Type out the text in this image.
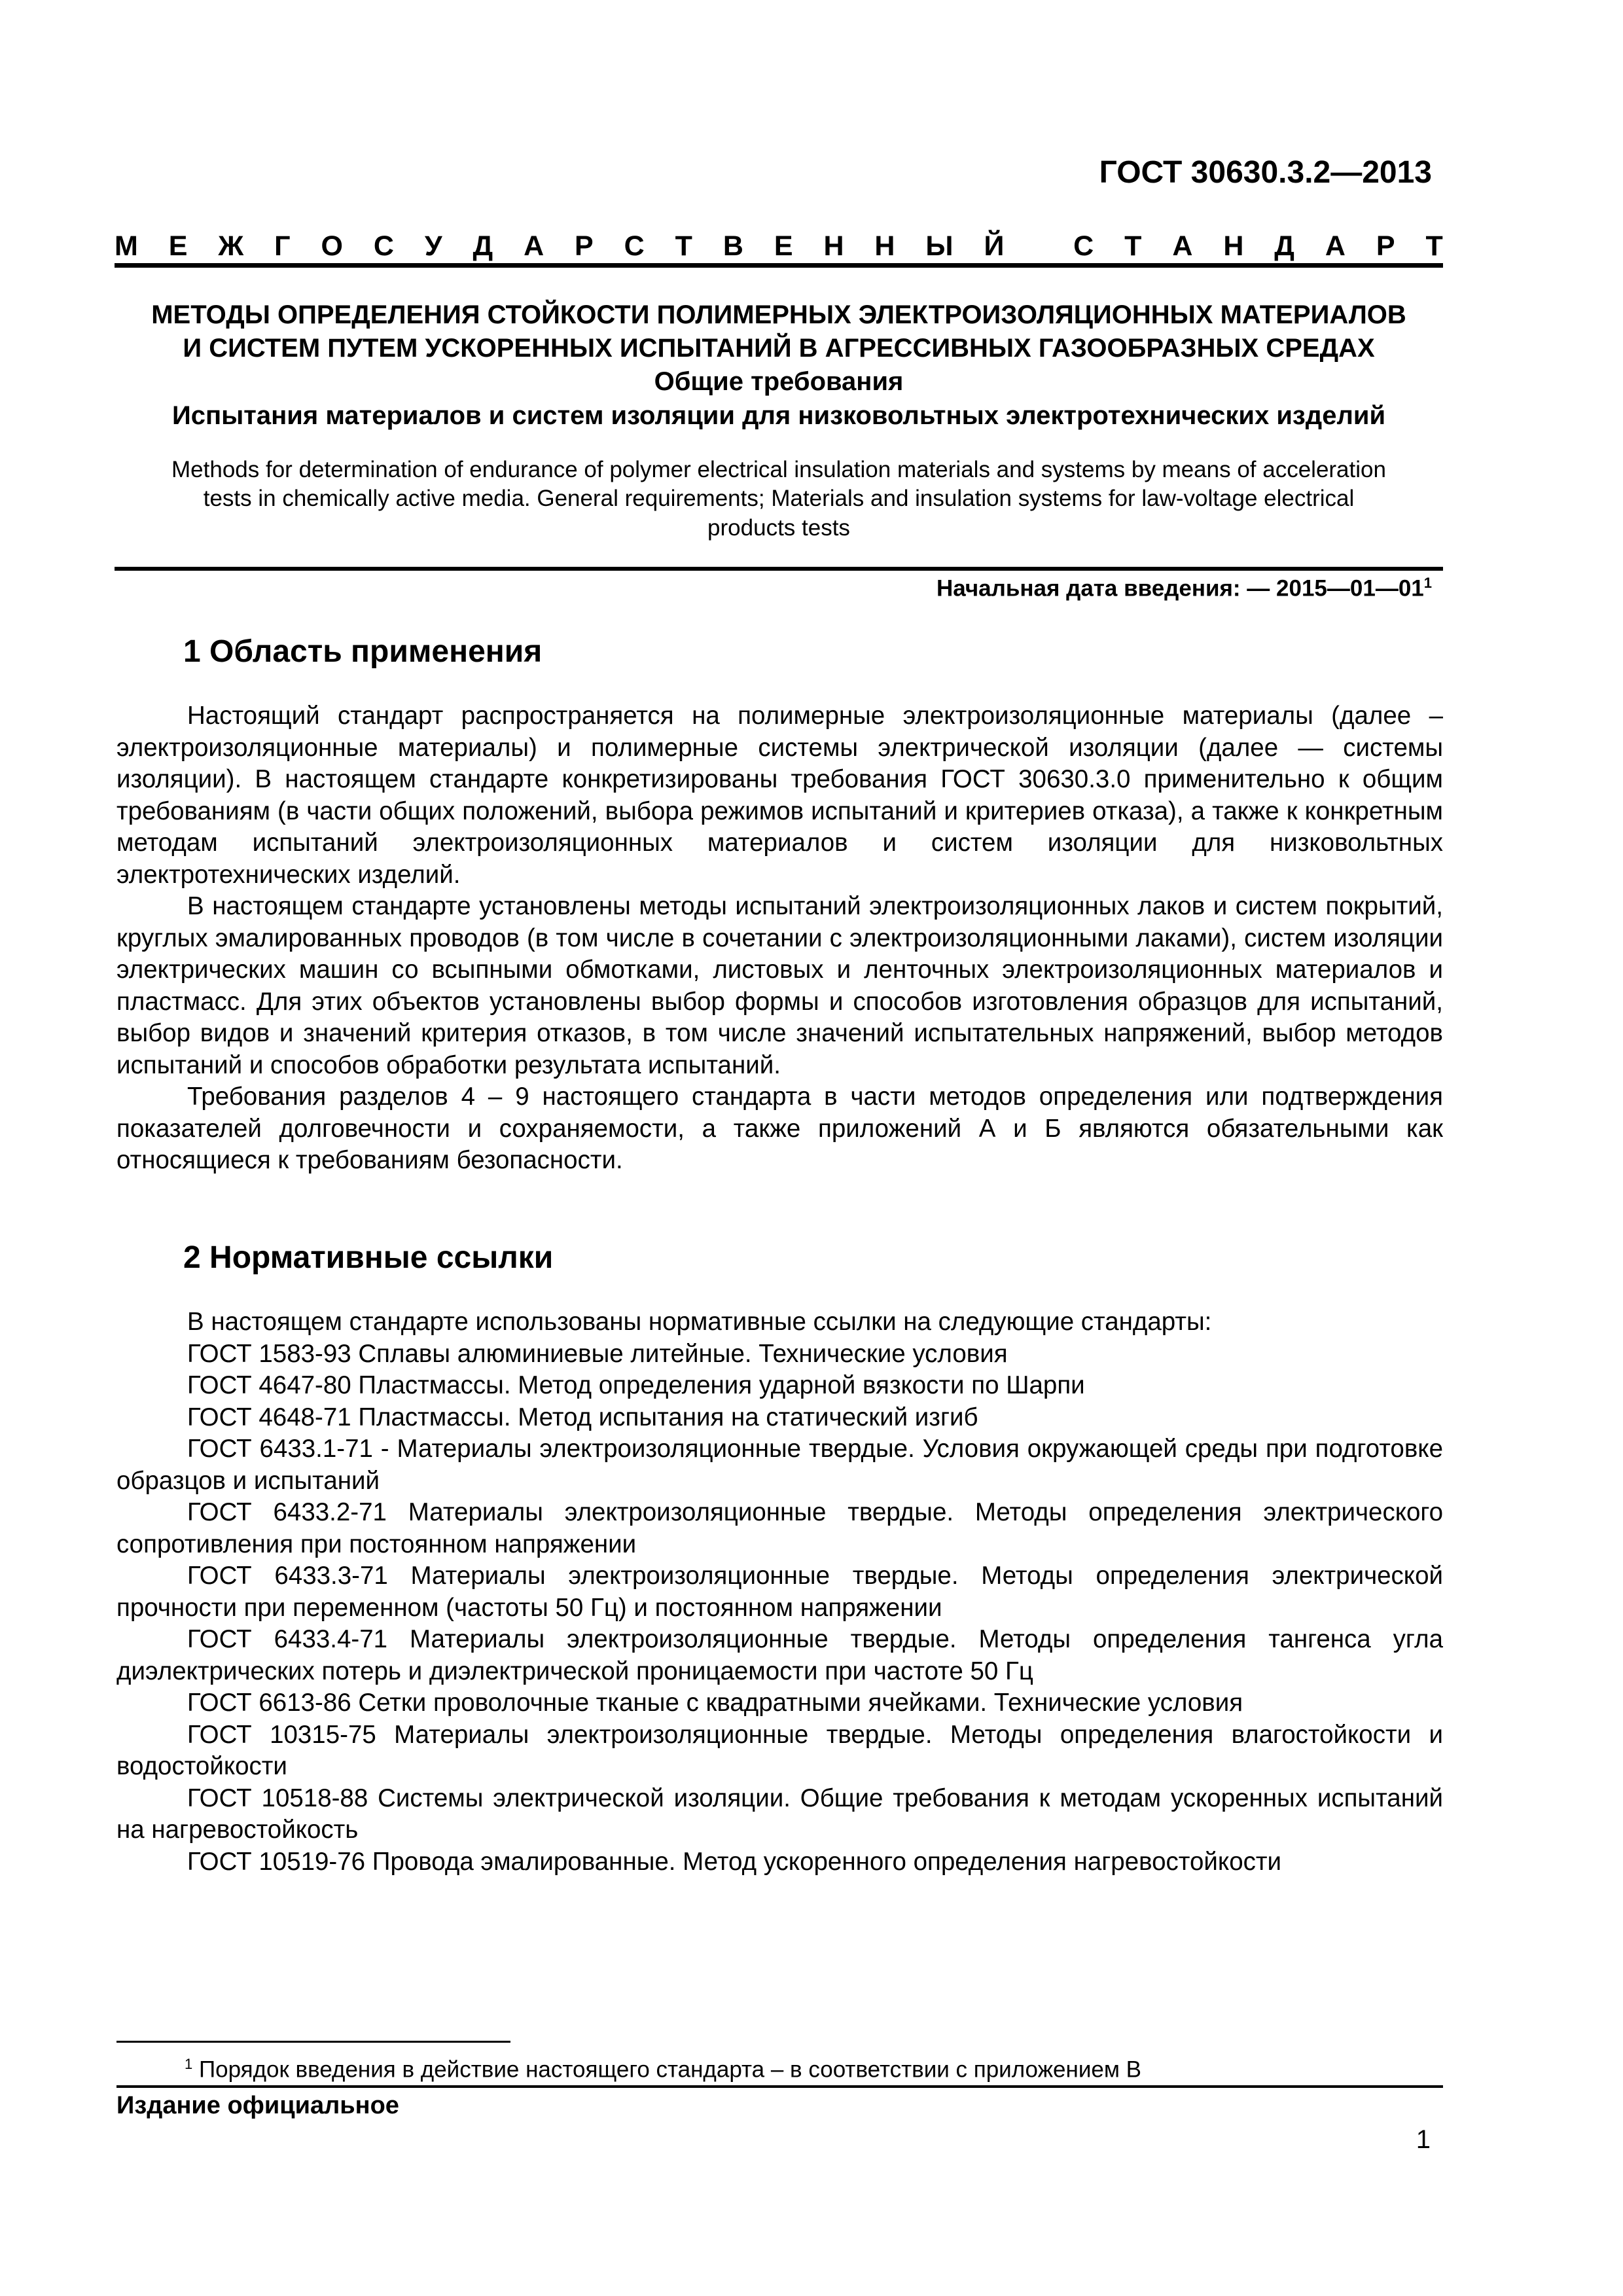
ГОСТ 30630.3.2—2013
М Е Ж Г О С У Д А Р С Т В Е Н Н Ы Й
С Т А Н Д А Р Т
МЕТОДЫ ОПРЕДЕЛЕНИЯ СТОЙКОСТИ ПОЛИМЕРНЫХ ЭЛЕКТРОИЗОЛЯЦИОННЫХ МАТЕРИАЛОВ
И СИСТЕМ ПУТЕМ УСКОРЕННЫХ ИСПЫТАНИЙ В АГРЕССИВНЫХ ГАЗООБРАЗНЫХ СРЕДАХ
Общие требования
Испытания материалов и систем изоляции для низковольтных электротехнических изделий
Methods for determination of endurance of polymer electrical insulation materials and systems by means of acceleration
tests in chemically active media. General requirements; Materials and insulation systems for law-voltage electrical
products tests
Начальная дата введения: — $2015—01—01^1$
1 Область применения

Настоящий стандарт распространяется на полимерные электроизоляционные материалы (далее – электроизоляционные материалы) и полимерные системы электрической изоляции (далее — системы изоляции). В настоящем стандарте конкретизированы требования ГОСТ 30630.3.0 применительно к общим требованиям (в части общих положений, выбора режимов испытаний и критериев отказа), а также к конкретным методам испытаний электроизоляционных материалов и систем изоляции для низковольтных электротехнических изделий.

В настоящем стандарте установлены методы испытаний электроизоляционных лаков и систем покрытий, круглых эмалированных проводов (в том числе в сочетании с электроизоляционными лаками), систем изоляции электрических машин со всыпными обмотками, листовых и ленточных электроизоляционных материалов и пластмасс. Для этих объектов установлены выбор формы и способов изготовления образцов для испытаний, выбор видов и значений критерия отказов, в том числе значений испытательных напряжений, выбор методов испытаний и способов обработки результата испытаний.

Требования разделов 4 – 9 настоящего стандарта в части методов определения или подтверждения показателей долговечности и сохраняемости, а также приложений А и Б являются обязательными как относящиеся к требованиям безопасности.

2 Нормативные ссылки

В настоящем стандарте использованы нормативные ссылки на следующие стандарты:

ГОСТ 1583-93 Сплавы алюминиевые литейные. Технические условия

ГОСТ 4647-80 Пластмассы. Метод определения ударной вязкости по Шарпи

ГОСТ 4648-71 Пластмассы. Метод испытания на статический изгиб

ГОСТ 6433.1-71 - Материалы электроизоляционные твердые. Условия окружающей среды при подготовке образцов и испытаний

ГОСТ 6433.2-71 Материалы электроизоляционные твердые. Методы определения электрического сопротивления при постоянном напряжении

ГОСТ 6433.3-71 Материалы электроизоляционные твердые. Методы определения электрической прочности при переменном (частоты 50 Гц) и постоянном напряжении

ГОСТ 6433.4-71 Материалы электроизоляционные твердые. Методы определения тангенса угла диэлектрических потерь и диэлектрической проницаемости при частоте 50 Гц

ГОСТ 6613-86 Сетки проволочные тканые с квадратными ячейками. Технические условия

ГОСТ 10315-75 Материалы электроизоляционные твердые. Методы определения влагостойкости и водостойкости

ГОСТ 10518-88 Системы электрической изоляции. Общие требования к методам ускоренных испытаний на нагревостойкость

ГОСТ 10519-76 Провода эмалированные. Метод ускоренного определения нагревостойкости

$^1$ Порядок введения в действие настоящего стандарта – в соответствии с приложением В
Издание официальное
1
